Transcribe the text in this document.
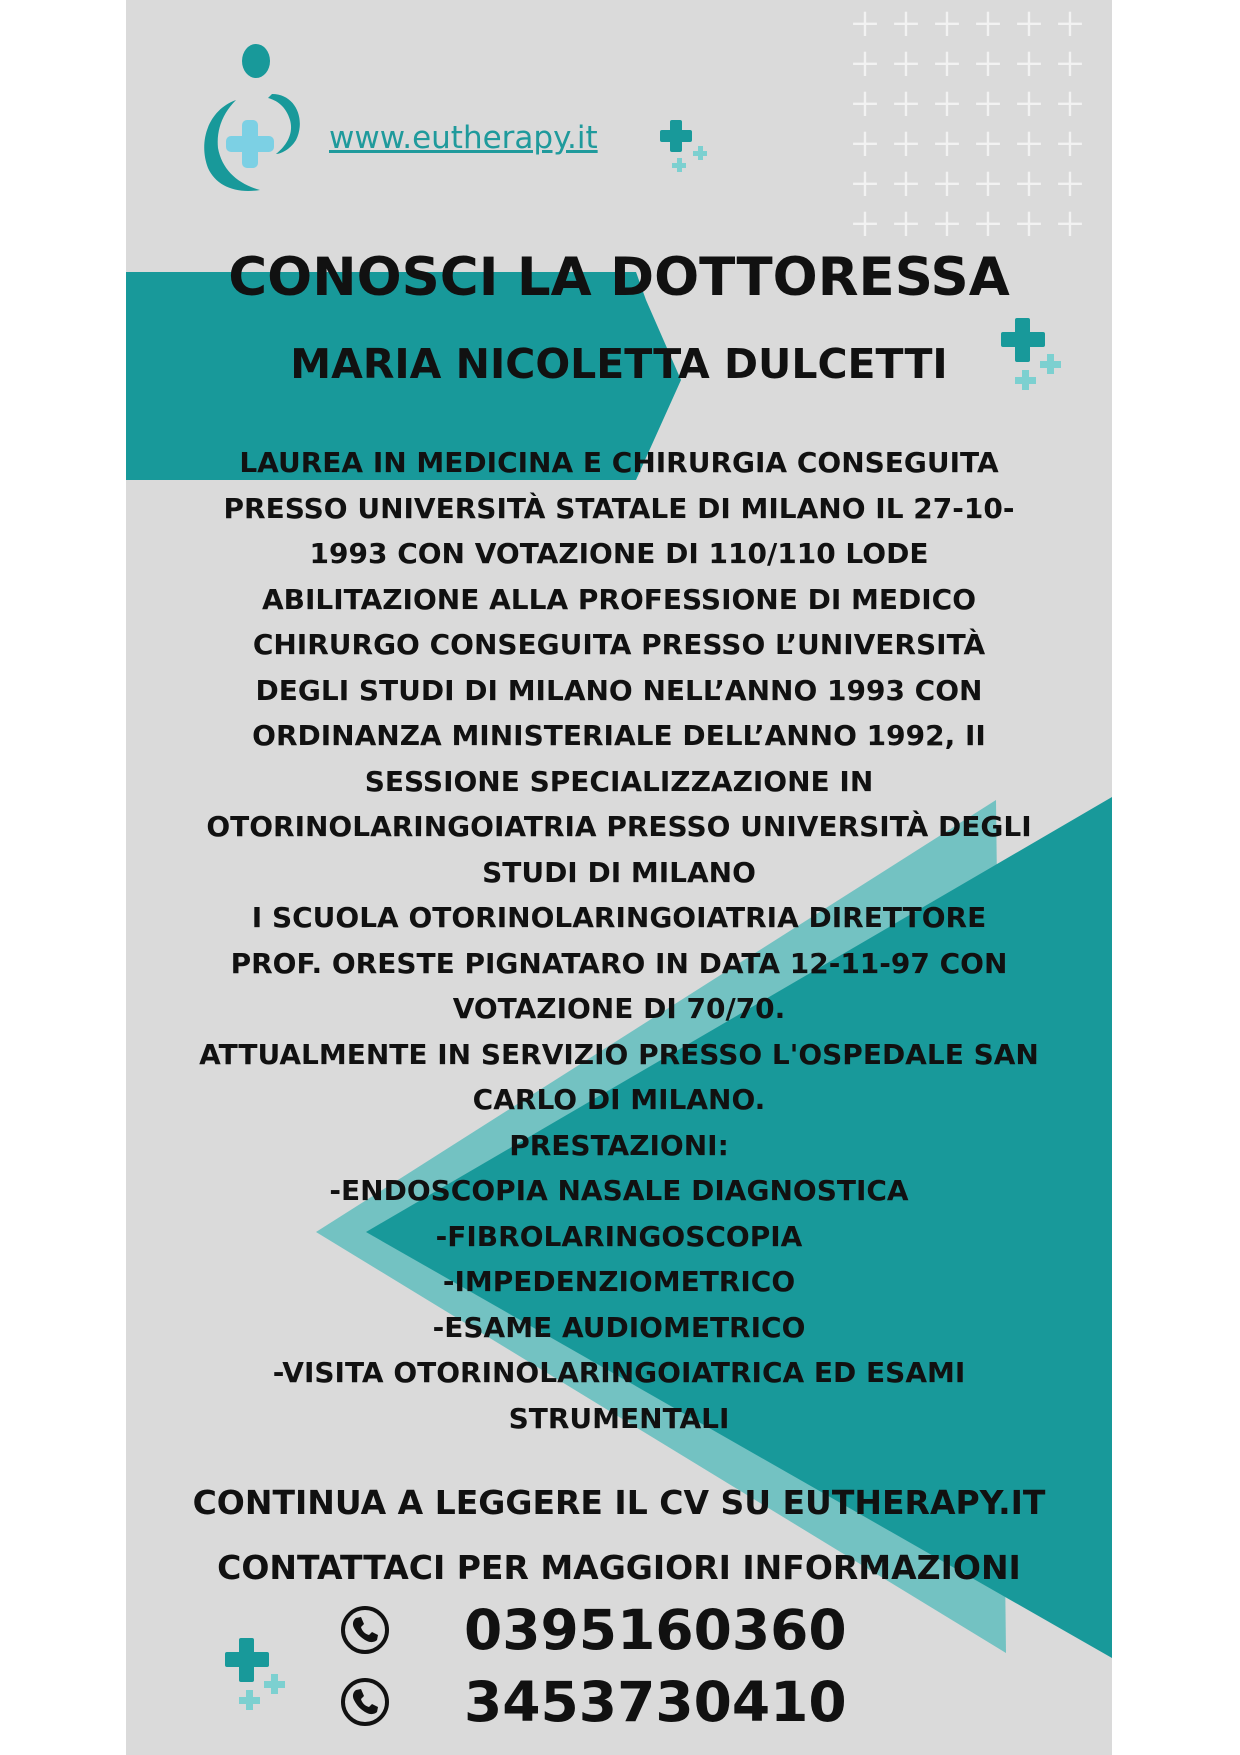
＋＋＋＋＋＋＋＋＋＋＋＋＋＋＋＋＋＋＋＋＋＋＋＋＋＋＋＋＋＋＋＋＋＋＋＋
www.eutherapy.it
CONOSCI LA DOTTORESSA
MARIA NICOLETTA DULCETTI
LAUREA IN MEDICINA E CHIRURGIA CONSEGUITA
PRESSO UNIVERSITÀ STATALE DI MILANO IL 27-10-
1993 CON VOTAZIONE DI 110/110 LODE
ABILITAZIONE ALLA PROFESSIONE DI MEDICO
CHIRURGO CONSEGUITA PRESSO L’UNIVERSITÀ
DEGLI STUDI DI MILANO NELL’ANNO 1993 CON
ORDINANZA MINISTERIALE DELL’ANNO 1992, II
SESSIONE SPECIALIZZAZIONE IN
OTORINOLARINGOIATRIA PRESSO UNIVERSITÀ DEGLI
STUDI DI MILANO
I SCUOLA OTORINOLARINGOIATRIA DIRETTORE
PROF. ORESTE PIGNATARO IN DATA 12-11-97 CON
VOTAZIONE DI 70/70.
ATTUALMENTE IN SERVIZIO PRESSO L'OSPEDALE SAN
CARLO DI MILANO.
PRESTAZIONI:
-ENDOSCOPIA NASALE DIAGNOSTICA
-FIBROLARINGOSCOPIA
-IMPEDENZIOMETRICO
-ESAME AUDIOMETRICO
-VISITA OTORINOLARINGOIATRICA ED ESAMI
STRUMENTALI
CONTINUA A LEGGERE IL CV SU EUTHERAPY.IT
CONTATTACI PER MAGGIORI INFORMAZIONI
0395160360
3453730410
